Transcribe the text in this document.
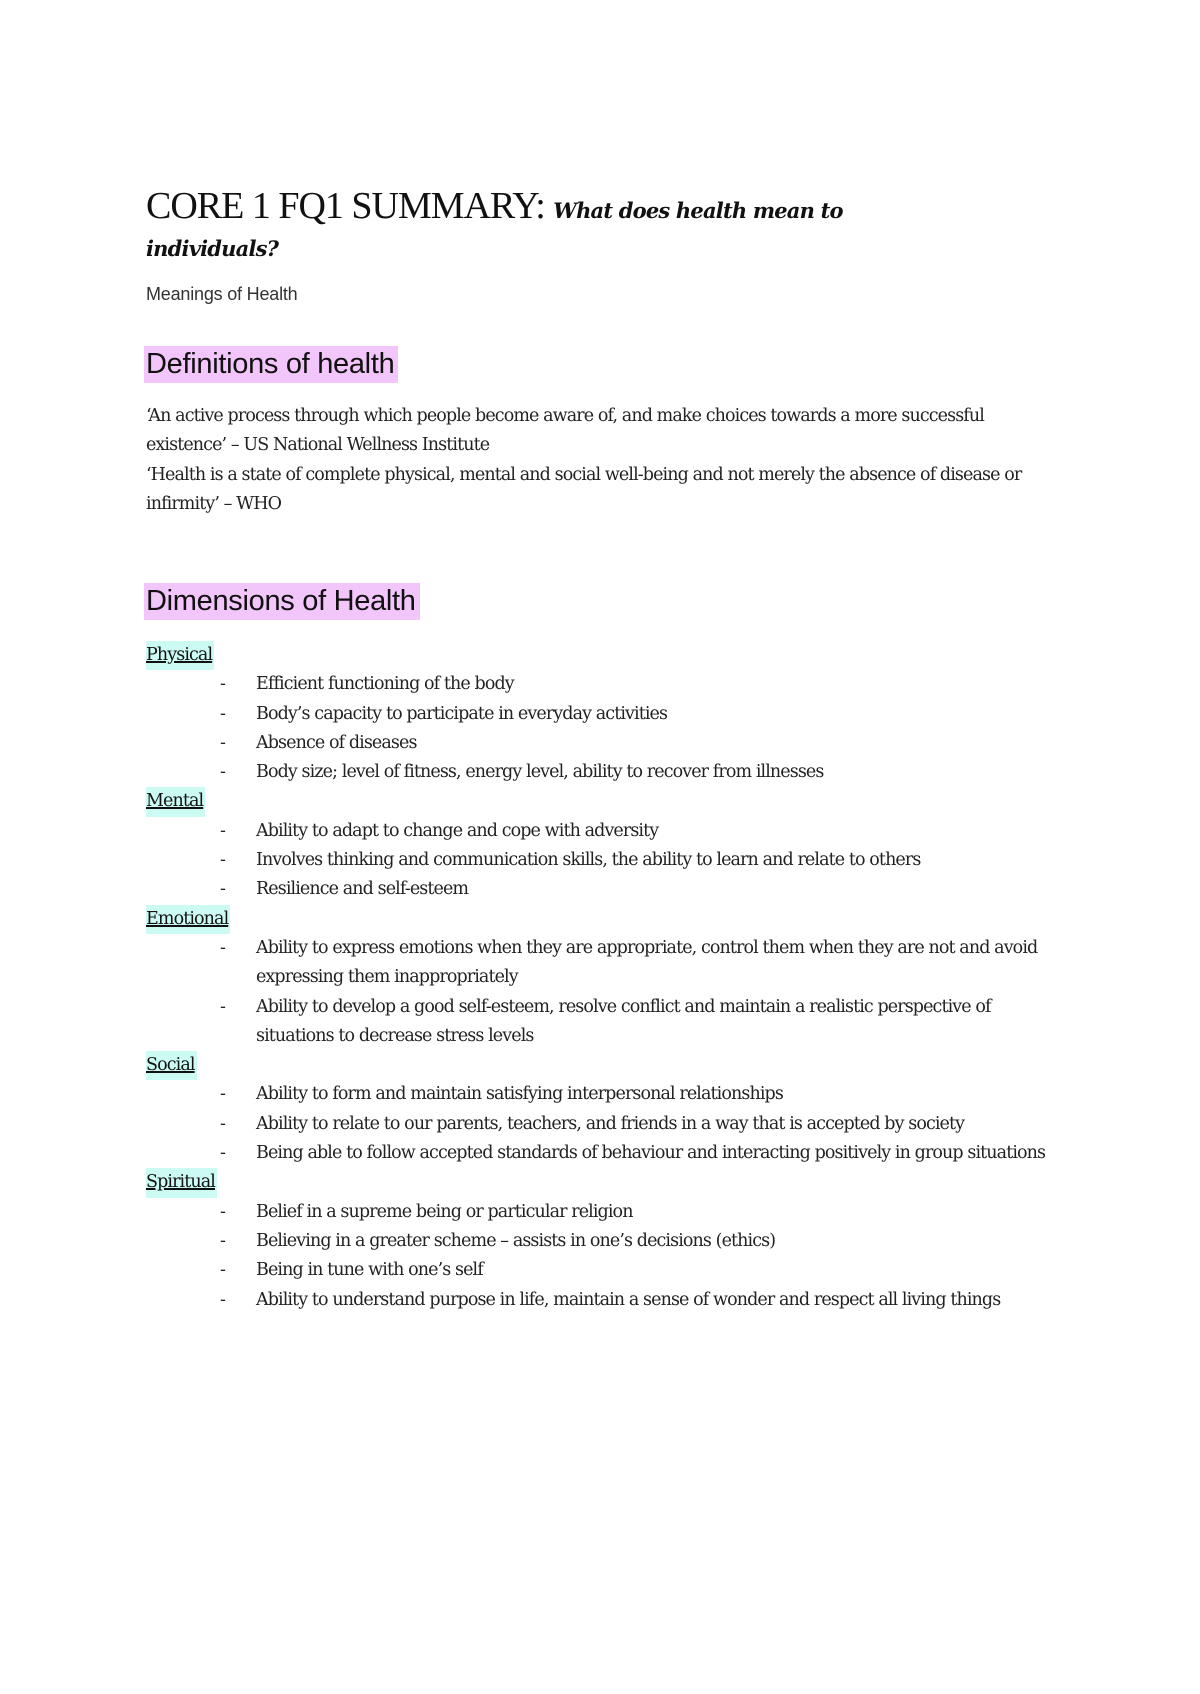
CORE 1 FQ1 SUMMARY: What does health mean to
individuals?
Meanings of Health
Definitions of health

‘An active process through which people become aware of, and make choices towards a more successful existence’ – US National Wellness Institute

‘Health is a state of complete physical, mental and social well-being and not merely the absence of disease or infirmity’ – WHO

Dimensions of Health
Physical
- Efficient functioning of the body
- Body’s capacity to participate in everyday activities
- Absence of diseases
- Body size; level of fitness, energy level, ability to recover from illnesses
Mental
- Ability to adapt to change and cope with adversity
- Involves thinking and communication skills, the ability to learn and relate to others
- Resilience and self-esteem
Emotional
- Ability to express emotions when they are appropriate, control them when they are not and avoid expressing them inappropriately
- Ability to develop a good self-esteem, resolve conflict and maintain a realistic perspective of situations to decrease stress levels
Social
- Ability to form and maintain satisfying interpersonal relationships
- Ability to relate to our parents, teachers, and friends in a way that is accepted by society
- Being able to follow accepted standards of behaviour and interacting positively in group situations
Spiritual
- Belief in a supreme being or particular religion
- Believing in a greater scheme – assists in one’s decisions (ethics)
- Being in tune with one’s self
- Ability to understand purpose in life, maintain a sense of wonder and respect all living things
